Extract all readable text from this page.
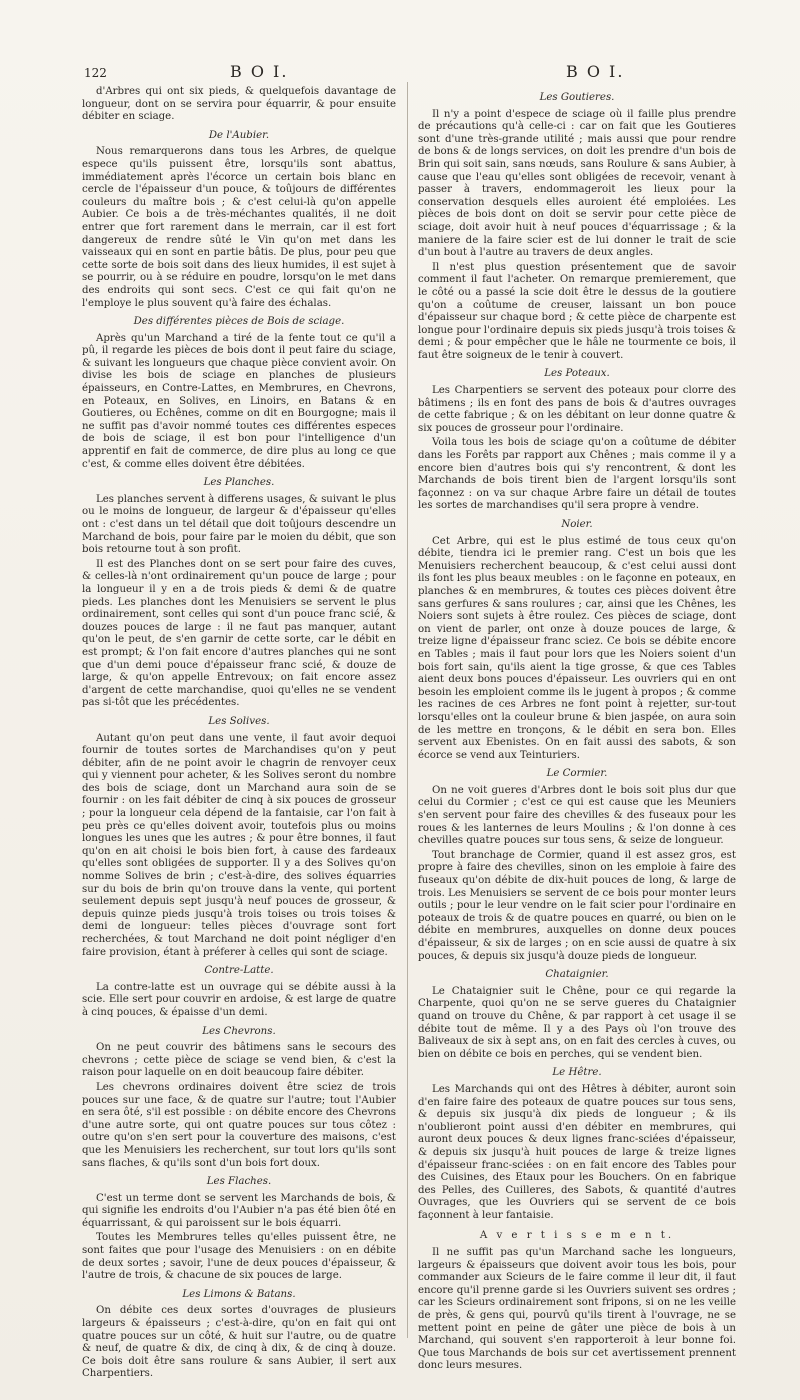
122	B O I.	B O I.

d'Arbres qui ont six pieds, & quelquefois davantage de longueur, dont on se servira pour équarrir, & pour ensuite débiter en sciage.

De l'Aubier.

Nous remarquerons dans tous les Arbres, de quelque espece qu'ils puissent être, lorsqu'ils sont abattus, immédiatement après l'écorce un certain bois blanc en cercle de l'épaisseur d'un pouce, & toûjours de différentes couleurs du maître bois ; & c'est celui-là qu'on appelle Aubier. Ce bois a de très-méchantes qualités, il ne doit entrer que fort rarement dans le merrain, car il est fort dangereux de rendre sûté le Vin qu'on met dans les vaisseaux qui en sont en partie bâtis. De plus, pour peu que cette sorte de bois soit dans des lieux humides, il est sujet à se pourrir, ou à se réduire en poudre, lorsqu'on le met dans des endroits qui sont secs. C'est ce qui fait qu'on ne l'employe le plus souvent qu'à faire des échalas.

Des différentes pièces de Bois de sciage.

Après qu'un Marchand a tiré de la fente tout ce qu'il a pû, il regarde les pièces de bois dont il peut faire du sciage, & suivant les longueurs que chaque pièce convient avoir. On divise les bois de sciage en planches de plusieurs épaisseurs, en Contre-Lattes, en Membrures, en Chevrons, en Poteaux, en Solives, en Linoirs, en Batans & en Goutieres, ou Echênes, comme on dit en Bourgogne; mais il ne suffit pas d'avoir nommé toutes ces différentes especes de bois de sciage, il est bon pour l'intelligence d'un apprentif en fait de commerce, de dire plus au long ce que c'est, & comme elles doivent être débitées.

Les Planches.

Les planches servent à differens usages, & suivant le plus ou le moins de longueur, de largeur & d'épaisseur qu'elles ont : c'est dans un tel détail que doit toûjours descendre un Marchand de bois, pour faire par le moien du débit, que son bois retourne tout à son profit.

Il est des Planches dont on se sert pour faire des cuves, & celles-là n'ont ordinairement qu'un pouce de large ; pour la longueur il y en a de trois pieds & demi & de quatre pieds. Les planches dont les Menuisiers se servent le plus ordinairement, sont celles qui sont d'un pouce franc scié, & douzes pouces de large : il ne faut pas manquer, autant qu'on le peut, de s'en garnir de cette sorte, car le débit en est prompt; & l'on fait encore d'autres planches qui ne sont que d'un demi pouce d'épaisseur franc scié, & douze de large, & qu'on appelle Entrevoux; on fait encore assez d'argent de cette marchandise, quoi qu'elles ne se vendent pas si-tôt que les précédentes.

Les Solives.

Autant qu'on peut dans une vente, il faut avoir dequoi fournir de toutes sortes de Marchandises qu'on y peut débiter, afin de ne point avoir le chagrin de renvoyer ceux qui y viennent pour acheter, & les Solives seront du nombre des bois de sciage, dont un Marchand aura soin de se fournir : on les fait débiter de cinq à six pouces de grosseur ; pour la longueur cela dépend de la fantaisie, car l'on fait à peu près ce qu'elles doivent avoir, toutefois plus ou moins longues les unes que les autres ; & pour être bonnes, il faut qu'on en ait choisi le bois bien fort, à cause des fardeaux qu'elles sont obligées de supporter. Il y a des Solives qu'on nomme Solives de brin ; c'est-à-dire, des solives équarries sur du bois de brin qu'on trouve dans la vente, qui portent seulement depuis sept jusqu'à neuf pouces de grosseur, & depuis quinze pieds jusqu'à trois toises ou trois toises & demi de longueur: telles pièces d'ouvrage sont fort recherchées, & tout Marchand ne doit point négliger d'en faire provision, étant à préferer à celles qui sont de sciage.

Contre-Latte.

La contre-latte est un ouvrage qui se débite aussi à la scie. Elle sert pour couvrir en ardoise, & est large de quatre à cinq pouces, & épaisse d'un demi.

Les Chevrons.

On ne peut couvrir des bâtimens sans le secours des chevrons ; cette pièce de sciage se vend bien, & c'est la raison pour laquelle on en doit beaucoup faire débiter.

Les chevrons ordinaires doivent être sciez de trois pouces sur une face, & de quatre sur l'autre; tout l'Aubier en sera ôté, s'il est possible : on débite encore des Chevrons d'une autre sorte, qui ont quatre pouces sur tous côtez : outre qu'on s'en sert pour la couverture des maisons, c'est que les Menuisiers les recherchent, sur tout lors qu'ils sont sans flaches, & qu'ils sont d'un bois fort doux.

Les Flaches.

C'est un terme dont se servent les Marchands de bois, & qui signifie les endroits d'ou l'Aubier n'a pas été bien ôté en équarrissant, & qui paroissent sur le bois équarri.

Toutes les Membrures telles qu'elles puissent être, ne sont faites que pour l'usage des Menuisiers : on en débite de deux sortes ; savoir, l'une de deux pouces d'épaisseur, & l'autre de trois, & chacune de six pouces de large.

Les Limons & Batans.

On débite ces deux sortes d'ouvrages de plusieurs largeurs & épaisseurs ; c'est-à-dire, qu'on en fait qui ont quatre pouces sur un côté, & huit sur l'autre, ou de quatre & neuf, de quatre & dix, de cinq à dix, & de cinq à douze. Ce bois doit être sans roulure & sans Aubier, il sert aux Charpentiers.

Les Goutieres.

Il n'y a point d'espece de sciage où il faille plus prendre de précautions qu'à celle-ci : car on fait que les Goutieres sont d'une très-grande utilité ; mais aussi que pour rendre de bons & de longs services, on doit les prendre d'un bois de Brin qui soit sain, sans nœuds, sans Roulure & sans Aubier, à cause que l'eau qu'elles sont obligées de recevoir, venant à passer à travers, endommageroit les lieux pour la conservation desquels elles auroient été emploiées. Les pièces de bois dont on doit se servir pour cette pièce de sciage, doit avoir huit à neuf pouces d'équarrissage ; & la maniere de la faire scier est de lui donner le trait de scie d'un bout à l'autre au travers de deux angles.

Il n'est plus question présentement que de savoir comment il faut l'acheter. On remarque premierement, que le côté ou a passé la scie doit être le dessus de la goutiere qu'on a coûtume de creuser, laissant un bon pouce d'épaisseur sur chaque bord ; & cette pièce de charpente est longue pour l'ordinaire depuis six pieds jusqu'à trois toises & demi ; & pour empêcher que le hâle ne tourmente ce bois, il faut être soigneux de le tenir à couvert.

Les Poteaux.

Les Charpentiers se servent des poteaux pour clorre des bâtimens ; ils en font des pans de bois & d'autres ouvrages de cette fabrique ; & on les débitant on leur donne quatre & six pouces de grosseur pour l'ordinaire.

Voila tous les bois de sciage qu'on a coûtume de débiter dans les Forêts par rapport aux Chênes ; mais comme il y a encore bien d'autres bois qui s'y rencontrent, & dont les Marchands de bois tirent bien de l'argent lorsqu'ils sont façonnez : on va sur chaque Arbre faire un détail de toutes les sortes de marchandises qu'il sera propre à vendre.

Noier.

Cet Arbre, qui est le plus estimé de tous ceux qu'on débite, tiendra ici le premier rang. C'est un bois que les Menuisiers recherchent beaucoup, & c'est celui aussi dont ils font les plus beaux meubles : on le façonne en poteaux, en planches & en membrures, & toutes ces pièces doivent être sans gerfures & sans roulures ; car, ainsi que les Chênes, les Noiers sont sujets à être roulez. Ces pièces de sciage, dont on vient de parler, ont onze à douze pouces de large, & treize ligne d'épaisseur franc sciez. Ce bois se débite encore en Tables ; mais il faut pour lors que les Noiers soient d'un bois fort sain, qu'ils aient la tige grosse, & que ces Tables aient deux bons pouces d'épaisseur. Les ouvriers qui en ont besoin les emploient comme ils le jugent à propos ; & comme les racines de ces Arbres ne font point à rejetter, sur-tout lorsqu'elles ont la couleur brune & bien jaspée, on aura soin de les mettre en tronçons, & le débit en sera bon. Elles servent aux Ebenistes. On en fait aussi des sabots, & son écorce se vend aux Teinturiers.

Le Cormier.

On ne voit gueres d'Arbres dont le bois soit plus dur que celui du Cormier ; c'est ce qui est cause que les Meuniers s'en servent pour faire des chevilles & des fuseaux pour les roues & les lanternes de leurs Moulins ; & l'on donne à ces chevilles quatre pouces sur tous sens, & seize de longueur.

Tout branchage de Cormier, quand il est assez gros, est propre à faire des chevilles, sinon on les emploie à faire des fuseaux qu'on débite de dix-huit pouces de long, & large de trois. Les Menuisiers se servent de ce bois pour monter leurs outils ; pour le leur vendre on le fait scier pour l'ordinaire en poteaux de trois & de quatre pouces en quarré, ou bien on le débite en membrures, auxquelles on donne deux pouces d'épaisseur, & six de larges ; on en scie aussi de quatre à six pouces, & depuis six jusqu'à douze pieds de longueur.

Chataignier.

Le Chataignier suit le Chêne, pour ce qui regarde la Charpente, quoi qu'on ne se serve gueres du Chataignier quand on trouve du Chêne, & par rapport à cet usage il se débite tout de même. Il y a des Pays où l'on trouve des Baliveaux de six à sept ans, on en fait des cercles à cuves, ou bien on débite ce bois en perches, qui se vendent bien.

Le Hêtre.

Les Marchands qui ont des Hêtres à débiter, auront soin d'en faire faire des poteaux de quatre pouces sur tous sens, & depuis six jusqu'à dix pieds de longueur ; & ils n'oublieront point aussi d'en débiter en membrures, qui auront deux pouces & deux lignes franc-sciées d'épaisseur, & depuis six jusqu'à huit pouces de large & treize lignes d'épaisseur franc-sciées : on en fait encore des Tables pour des Cuisines, des Etaux pour les Bouchers. On en fabrique des Pelles, des Cuilleres, des Sabots, & quantité d'autres Ouvrages, que les Ouvriers qui se servent de ce bois façonnent à leur fantaisie.

A v e r t i s s e m e n t.

Il ne suffit pas qu'un Marchand sache les longueurs, largeurs & épaisseurs que doivent avoir tous les bois, pour commander aux Scieurs de le faire comme il leur dit, il faut encore qu'il prenne garde si les Ouvriers suivent ses ordres ; car les Scieurs ordinairement sont fripons, si on ne les veille de près, & gens qui, pourvû qu'ils tirent à l'ouvrage, ne se mettent point en peine de gâter une pièce de bois à un Marchand, qui souvent s'en rapporteroit à leur bonne foi. Que tous Marchands de bois sur cet avertissement prennent donc leurs mesures.
